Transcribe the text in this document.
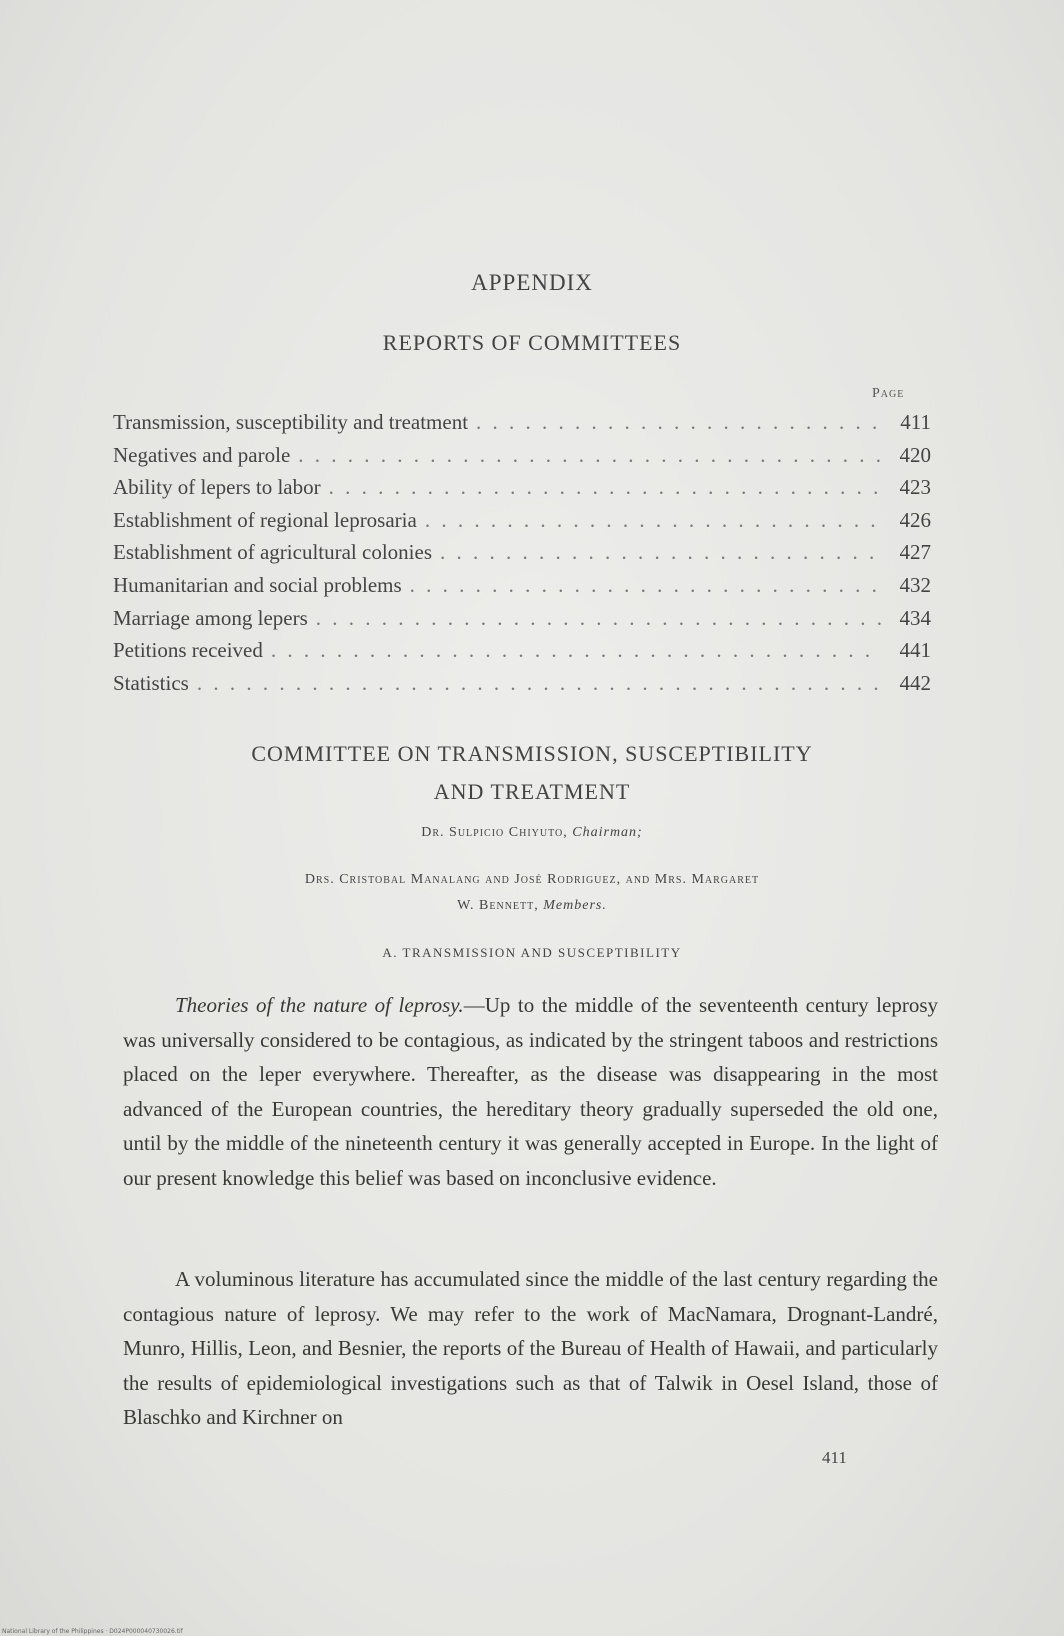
APPENDIX
REPORTS OF COMMITTEES
Page
Transmission, susceptibility and treatment . . .	411
Negatives and parole . . .	420
Ability of lepers to labor . . .	423
Establishment of regional leprosaria . . .	426
Establishment of agricultural colonies . . .	427
Humanitarian and social problems . . .	432
Marriage among lepers . . .	434
Petitions received . . .	441
Statistics . . .	442
COMMITTEE ON TRANSMISSION, SUSCEPTIBILITY
AND TREATMENT
Dr. Sulpicio Chiyuto, Chairman;
Drs. Cristobal Manalang and José Rodriguez, and Mrs. Margaret
W. Bennett, Members.
A. TRANSMISSION AND SUSCEPTIBILITY

Theories of the nature of leprosy.—Up to the middle of the seventeenth century leprosy was universally considered to be contagious, as indicated by the stringent taboos and restrictions placed on the leper everywhere. Thereafter, as the disease was disappearing in the most advanced of the European countries, the hereditary theory gradually superseded the old one, until by the middle of the nineteenth century it was generally accepted in Europe. In the light of our present knowledge this belief was based on inconclusive evidence.

A voluminous literature has accumulated since the middle of the last century regarding the contagious nature of leprosy. We may refer to the work of MacNamara, Drognant-Landré, Munro, Hillis, Leon, and Besnier, the reports of the Bureau of Health of Hawaii, and particularly the results of epidemiological investigations such as that of Talwik in Oesel Island, those of Blaschko and Kirchner on

411
National Library of the Philippines · D024P000040730026.tif
